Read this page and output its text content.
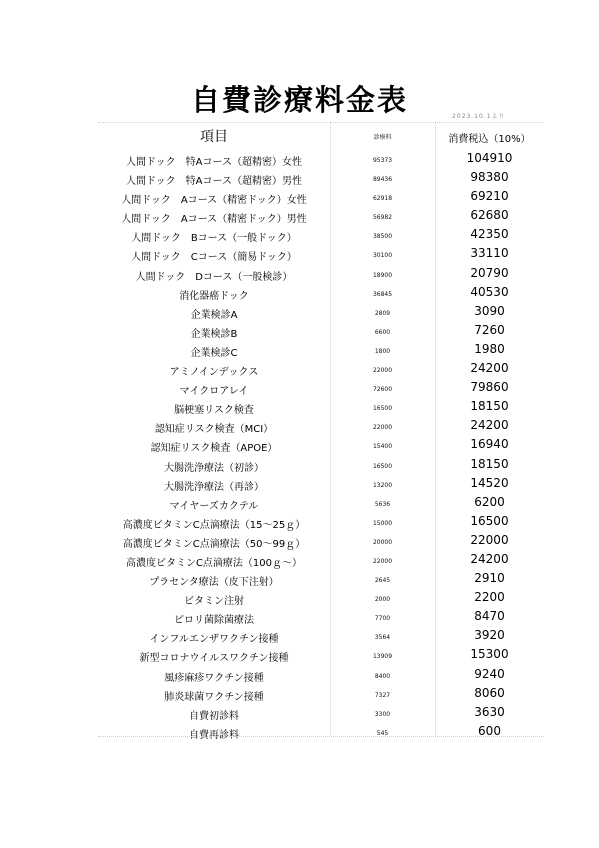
自費診療料金表	2023.10.1より
項目	診療料	消費税込（10%）
人間ドック　特Aコース（超精密）女性	95373	104910
人間ドック　特Aコース（超精密）男性	89436	98380
人間ドック　Aコース（精密ドック）女性	62918	69210
人間ドック　Aコース（精密ドック）男性	56982	62680
人間ドック　Bコース（一般ドック）	38500	42350
人間ドック　Cコース（簡易ドック）	30100	33110
人間ドック　Dコース（一般検診）	18900	20790
消化器癌ドック	36845	40530
企業検診A	2809	3090
企業検診B	6600	7260
企業検診C	1800	1980
アミノインデックス	22000	24200
マイクロアレイ	72600	79860
脳梗塞リスク検査	16500	18150
認知症リスク検査（MCI）	22000	24200
認知症リスク検査（APOE）	15400	16940
大腸洗浄療法（初診）	16500	18150
大腸洗浄療法（再診）	13200	14520
マイヤーズカクテル	5636	6200
高濃度ビタミンC点滴療法（15〜25ｇ）	15000	16500
高濃度ビタミンC点滴療法（50〜99ｇ）	20000	22000
高濃度ビタミンC点滴療法（100ｇ〜）	22000	24200
プラセンタ療法（皮下注射）	2645	2910
ビタミン注射	2000	2200
ピロリ菌除菌療法	7700	8470
インフルエンザワクチン接種	3564	3920
新型コロナウイルスワクチン接種	13909	15300
風疹麻疹ワクチン接種	8400	9240
肺炎球菌ワクチン接種	7327	8060
自費初診料	3300	3630
自費再診料	545	600
